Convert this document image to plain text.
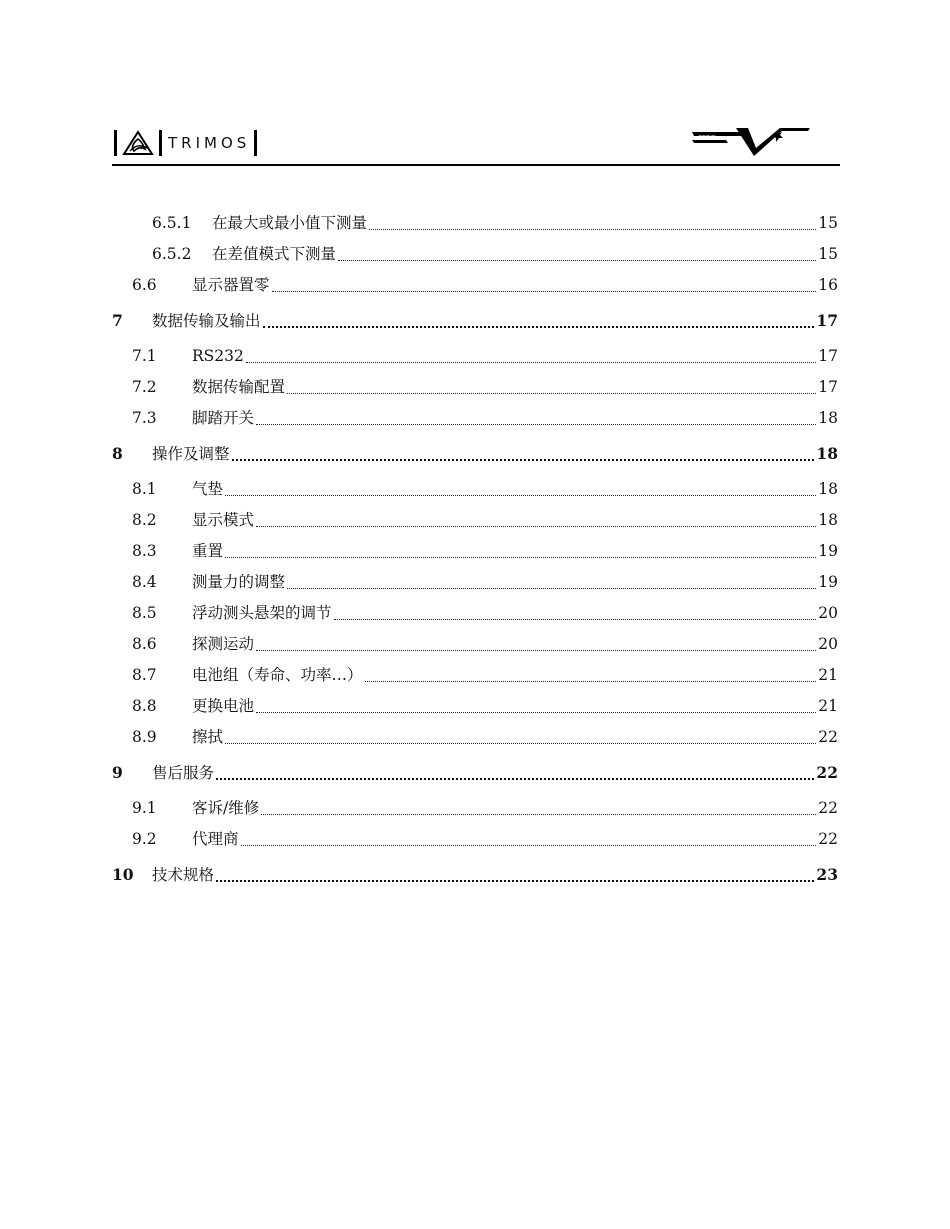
TRIMOS	SERIE
6.5.1	在最大或最小值下测量	15
6.5.2	在差值模式下测量	15
6.6	显示器置零	16
7	数据传输及输出	17
7.1	RS232	17
7.2	数据传输配置	17
7.3	脚踏开关	18
8	操作及调整	18
8.1	气垫	18
8.2	显示模式	18
8.3	重置	19
8.4	测量力的调整	19
8.5	浮动测头悬架的调节	20
8.6	探测运动	20
8.7	电池组（寿命、功率…）	21
8.8	更换电池	21
8.9	擦拭	22
9	售后服务	22
9.1	客诉/维修	22
9.2	代理商	22
10	技术规格	23
